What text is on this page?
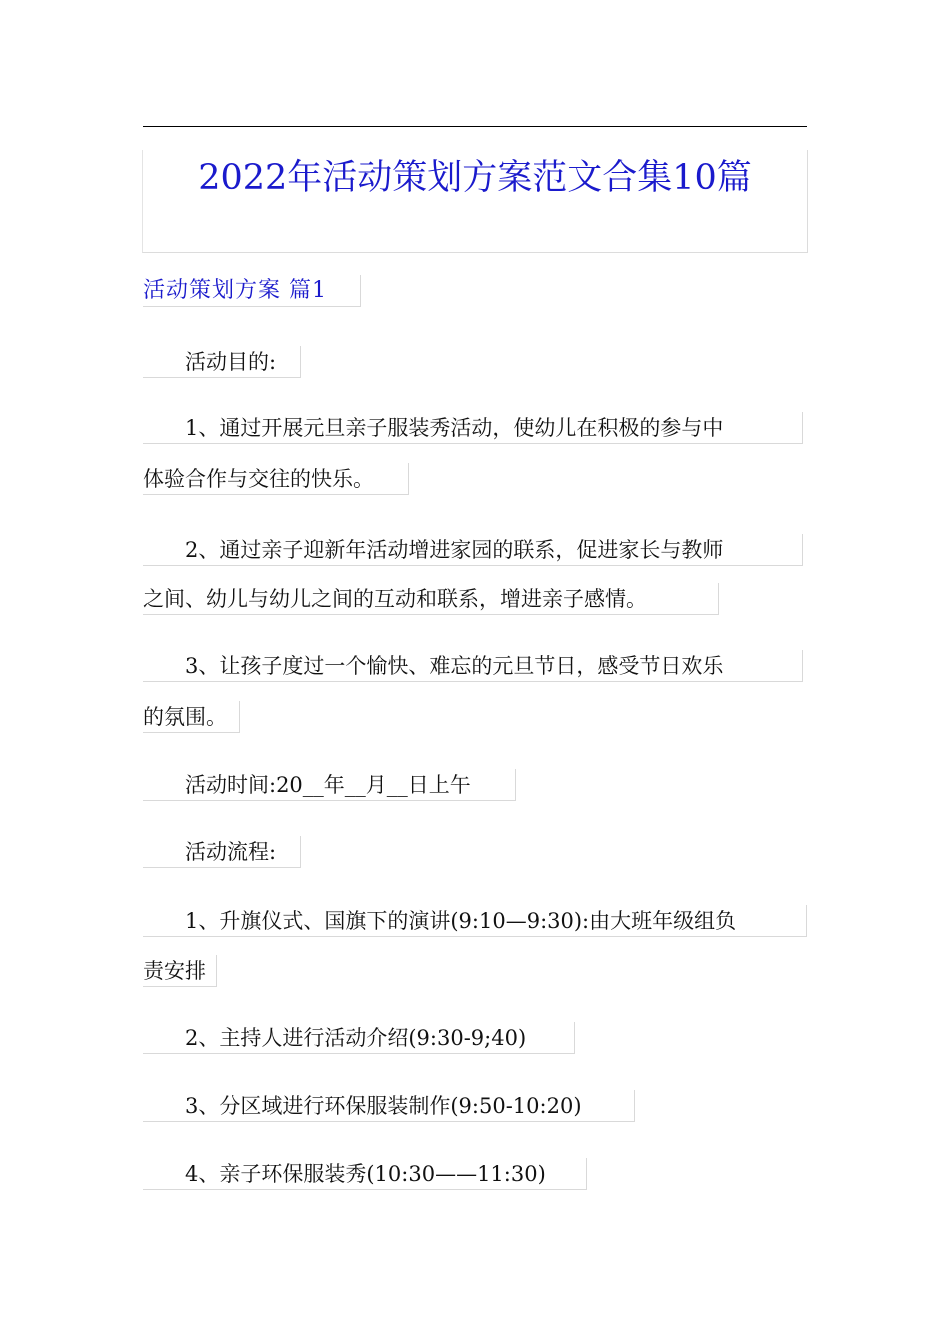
2022年活动策划方案范文合集10篇
活动策划方案 篇1
　　活动目的:
　　1、通过开展元旦亲子服装秀活动，使幼儿在积极的参与中
体验合作与交往的快乐。
　　2、通过亲子迎新年活动增进家园的联系，促进家长与教师
之间、幼儿与幼儿之间的互动和联系，增进亲子感情。
　　3、让孩子度过一个愉快、难忘的元旦节日，感受节日欢乐
的氛围。
　　活动时间:20__年__月__日上午
　　活动流程:
　　1、升旗仪式、国旗下的演讲(9:10—9:30):由大班年级组负
责安排
　　2、主持人进行活动介绍(9:30-9;40)
　　3、分区域进行环保服装制作(9:50-10:20)
　　4、亲子环保服装秀(10:30——11:30)
